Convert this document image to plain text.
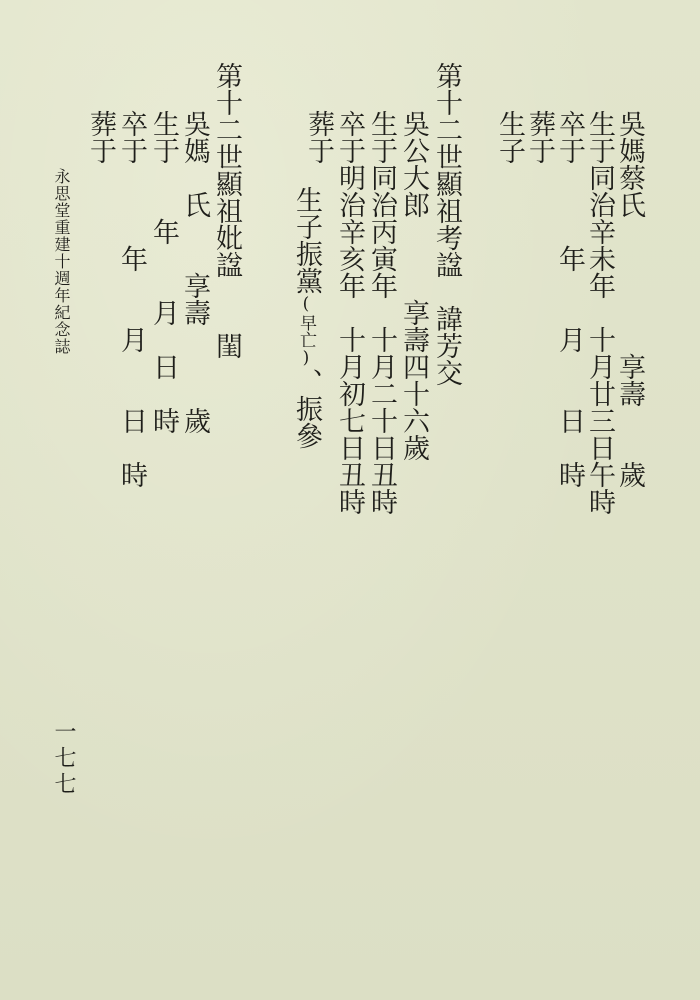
吳媽蔡氏　　　　　享壽　　歲
生于同治辛未年　十月廿三日午時
卒于　　　年　　月　　日　時
葬于
生子
第十二世顯祖考諡　諱芳交
吳公大郎　　　享壽四十六歲
生于同治丙寅年　十月二十日丑時
卒于明治辛亥年　十月初七日丑時
葬于

生子振黨(早亡)、振參

第十二世顯祖妣諡　　閨
吳媽　氏　　享壽　　　歲
生于　　年　　月　日　時
卒于　　　年　　月　　日　時
葬于
永思堂重建十週年紀念誌
一七七
